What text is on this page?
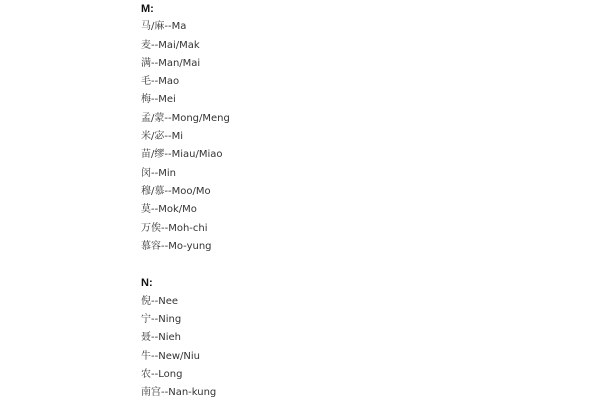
M:
马/麻--Ma
麦--Mai/Mak
满--Man/Mai
毛--Mao
梅--Mei
孟/蒙--Mong/Meng
米/宓--Mi
苗/缪--Miau/Miao
闵--Min
穆/慕--Moo/Mo
莫--Mok/Mo
万俟--Moh-chi
慕容--Mo-yung
N:
倪--Nee
宁--Ning
聂--Nieh
牛--New/Niu
农--Long
南宫--Nan-kung
